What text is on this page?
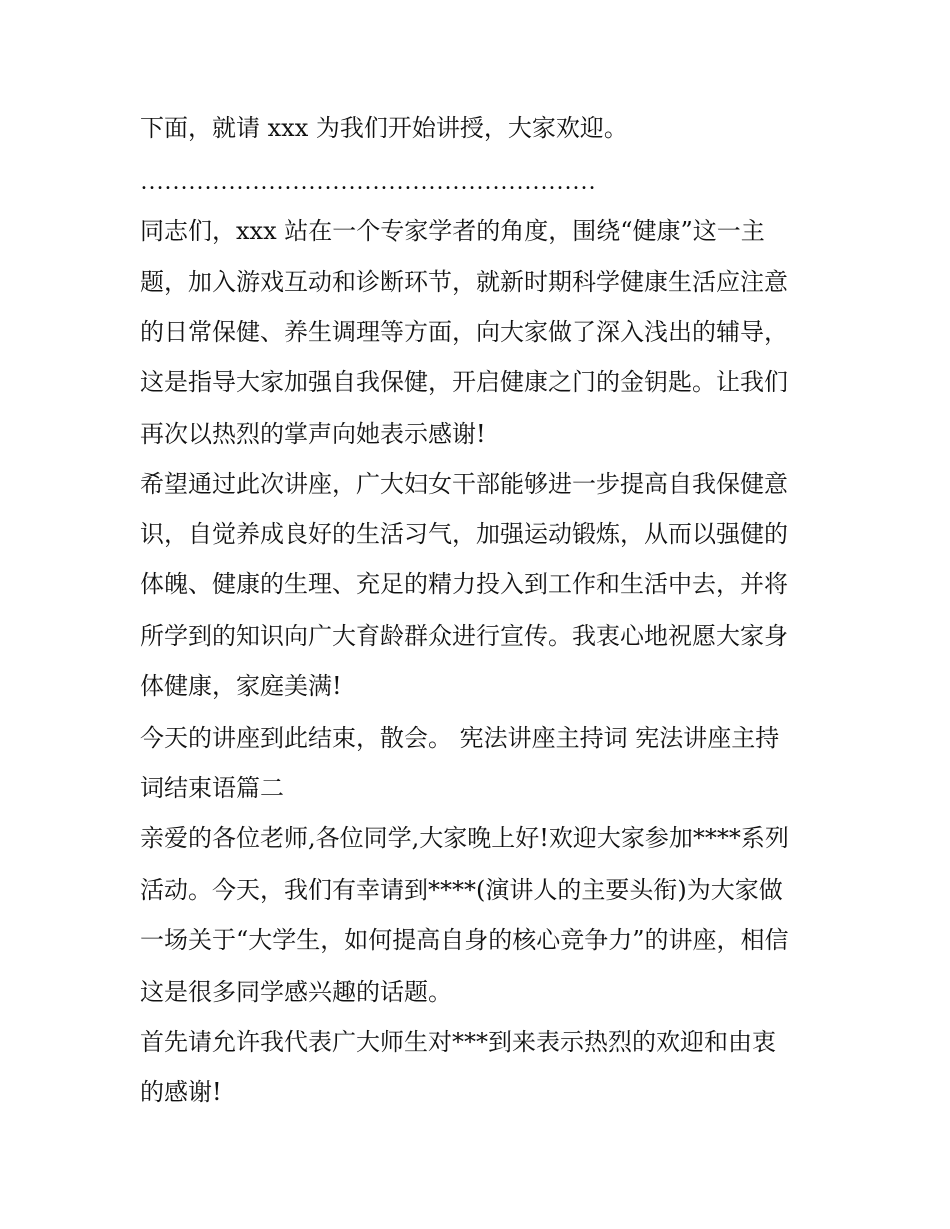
下面，就请 xxx 为我们开始讲授，大家欢迎。
…………………………………………………
同志们，xxx 站在一个专家学者的角度，围绕“健康”这一主
题，加入游戏互动和诊断环节，就新时期科学健康生活应注意
的日常保健、养生调理等方面，向大家做了深入浅出的辅导，
这是指导大家加强自我保健，开启健康之门的金钥匙。让我们
再次以热烈的掌声向她表示感谢!
希望通过此次讲座，广大妇女干部能够进一步提高自我保健意
识，自觉养成良好的生活习气，加强运动锻炼，从而以强健的
体魄、健康的生理、充足的精力投入到工作和生活中去，并将
所学到的知识向广大育龄群众进行宣传。我衷心地祝愿大家身
体健康，家庭美满!
今天的讲座到此结束，散会。 宪法讲座主持词 宪法讲座主持
词结束语篇二
亲爱的各位老师,各位同学,大家晚上好!欢迎大家参加****系列
活动。今天，我们有幸请到****(演讲人的主要头衔)为大家做
一场关于“大学生，如何提高自身的核心竞争力”的讲座，相信
这是很多同学感兴趣的话题。
首先请允许我代表广大师生对***到来表示热烈的欢迎和由衷
的感谢!
